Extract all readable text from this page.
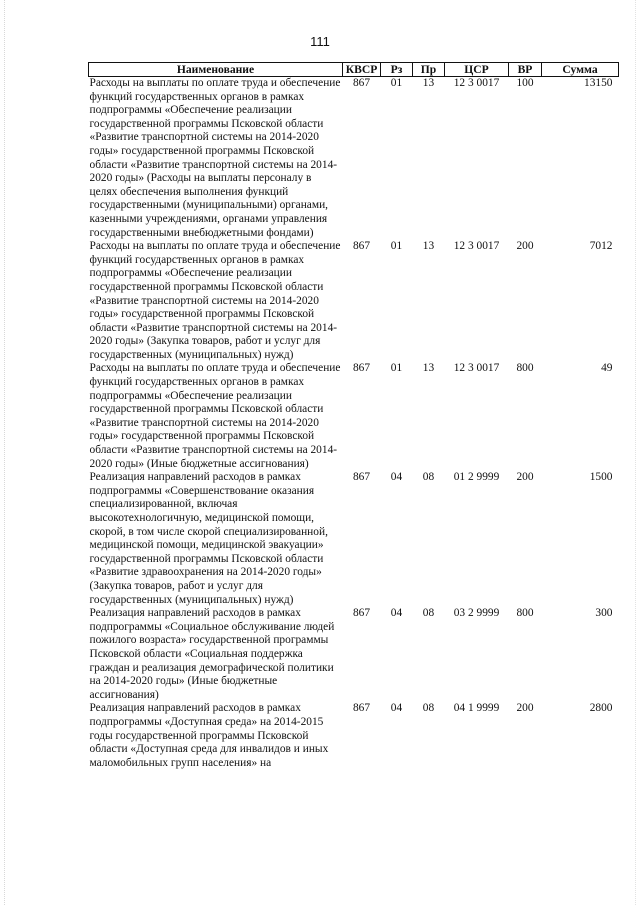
111
Наименование	КВСР	Рз	Пр	ЦСР	ВР	Сумма
Расходы на выплаты по оплате труда и обеспечение функций государственных органов в рамках подпрограммы «Обеспечение реализации государственной программы Псковской области «Развитие транспортной системы на 2014-2020 годы» государственной программы Псковской области «Развитие транспортной системы на 2014-2020 годы» (Расходы на выплаты персоналу в целях обеспечения выполнения функций государственными (муниципальными) органами, казенными учреждениями, органами управления государственными внебюджетными фондами)	867	01	13	12 3 0017	100	13150
Расходы на выплаты по оплате труда и обеспечение функций государственных органов в рамках подпрограммы «Обеспечение реализации государственной программы Псковской области «Развитие транспортной системы на 2014-2020 годы» государственной программы Псковской области «Развитие транспортной системы на 2014-2020 годы» (Закупка товаров, работ и услуг для государственных (муниципальных) нужд)	867	01	13	12 3 0017	200	7012
Расходы на выплаты по оплате труда и обеспечение функций государственных органов в рамках подпрограммы «Обеспечение реализации государственной программы Псковской области «Развитие транспортной системы на 2014-2020 годы» государственной программы Псковской области «Развитие транспортной системы на 2014-2020 годы» (Иные бюджетные ассигнования)	867	01	13	12 3 0017	800	49
Реализация направлений расходов в рамках подпрограммы «Совершенствование оказания специализированной, включая высокотехнологичную, медицинской помощи, скорой, в том числе скорой специализированной, медицинской помощи, медицинской эвакуации» государственной программы Псковской области «Развитие здравоохранения на 2014-2020 годы» (Закупка товаров, работ и услуг для государственных (муниципальных) нужд)	867	04	08	01 2 9999	200	1500
Реализация направлений расходов в рамках подпрограммы «Социальное обслуживание людей пожилого возраста» государственной программы Псковской области «Социальная поддержка граждан и реализация демографической политики на 2014-2020 годы» (Иные бюджетные ассигнования)	867	04	08	03 2 9999	800	300
Реализация направлений расходов в рамках подпрограммы «Доступная среда» на 2014-2015 годы государственной программы Псковской области «Доступная среда для инвалидов и иных маломобильных групп населения» на	867	04	08	04 1 9999	200	2800
